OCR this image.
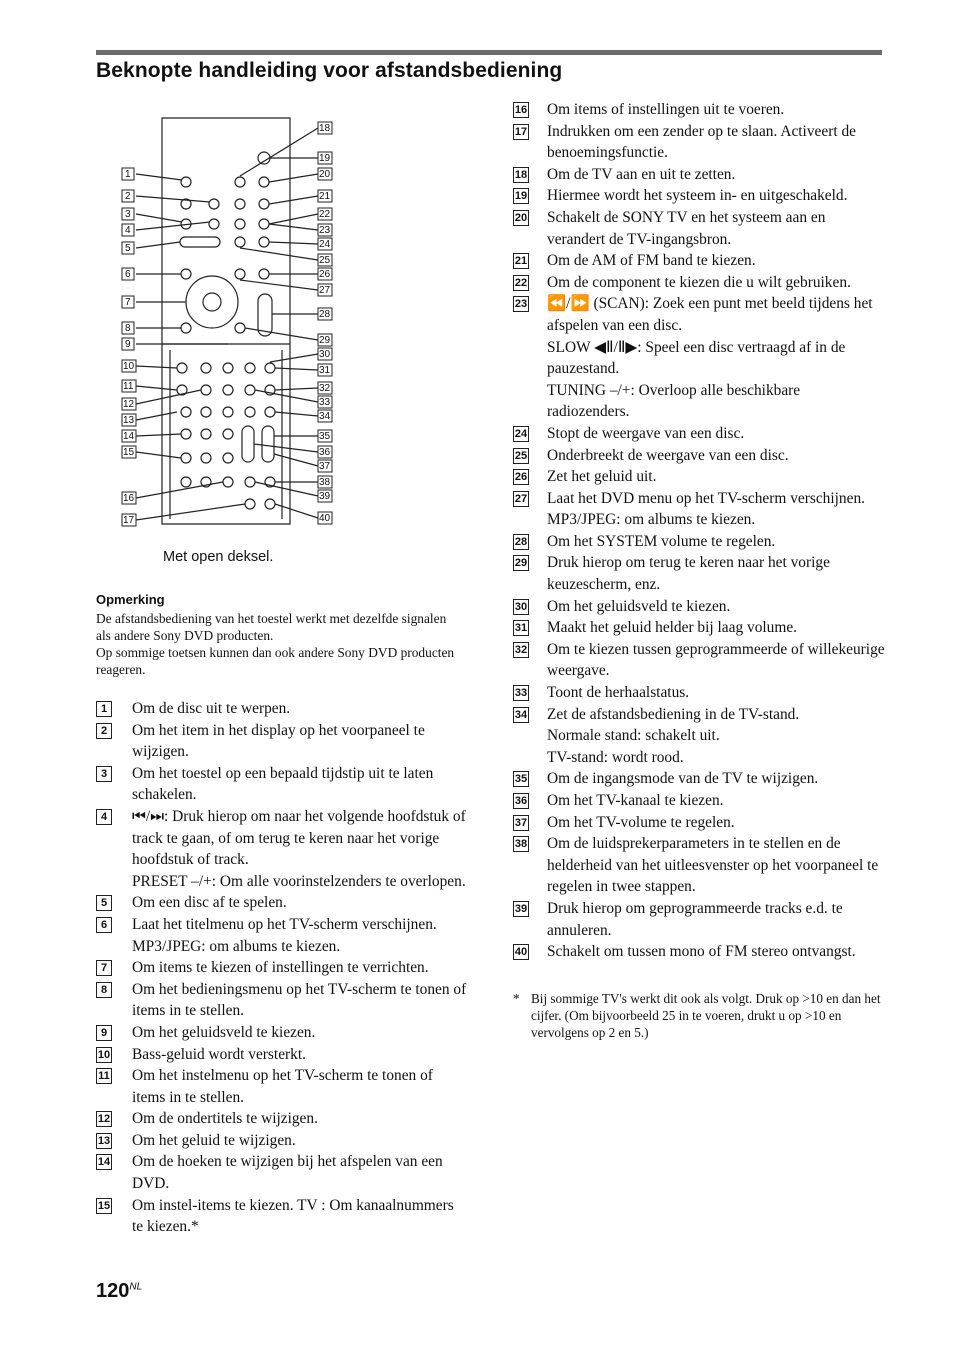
Beknopte handleiding voor afstandsbediening
1
2
3
4
5
6
7
8
9
10
11
12
13
14
15
16
17
18
19
20
21
22
23
24
25
26
27
28
29
30
31
32
33
34
35
36
37
38
39
40
Met open deksel.
Opmerking

De afstandsbediening van het toestel werkt met dezelfde signalen als andere Sony DVD producten.

Op sommige toetsen kunnen dan ook andere Sony DVD producten reageren.

1	Om de disc uit te werpen.
2	Om het item in het display op het voorpaneel te wijzigen.
3	Om het toestel op een bepaald tijdstip uit te laten schakelen.
4	⏮/⏭: Druk hierop om naar het volgende hoofdstuk of track te gaan, of om terug te keren naar het vorige hoofdstuk of track.
PRESET –/+: Om alle voorinstelzenders te overlopen.
5	Om een disc af te spelen.
6	Laat het titelmenu op het TV-scherm verschijnen.
MP3/JPEG: om albums te kiezen.
7	Om items te kiezen of instellingen te verrichten.
8	Om het bedieningsmenu op het TV-scherm te tonen of items in te stellen.
9	Om het geluidsveld te kiezen.
10 Bass-geluid wordt versterkt.
11 Om het instelmenu op het TV-scherm te tonen of items in te stellen.
12 Om de ondertitels te wijzigen.
13 Om het geluid te wijzigen.
14 Om de hoeken te wijzigen bij het afspelen van een DVD.
15 Om instel-items te kiezen. TV : Om kanaalnummers te kiezen.*
16 Om items of instellingen uit te voeren.
17 Indrukken om een zender op te slaan. Activeert de benoemingsfunctie.
18 Om de TV aan en uit te zetten.
19 Hiermee wordt het systeem in- en uitgeschakeld.
20 Schakelt de SONY TV en het systeem aan en verandert de TV-ingangsbron.
21 Om de AM of FM band te kiezen.
22 Om de component te kiezen die u wilt gebruiken.
23 ⏪/⏩ (SCAN): Zoek een punt met beeld tijdens het afspelen van een disc.
SLOW ◀Ⅱ/Ⅱ▶: Speel een disc vertraagd af in de pauzestand.
TUNING –/+: Overloop alle beschikbare radiozenders.
24 Stopt de weergave van een disc.
25 Onderbreekt de weergave van een disc.
26 Zet het geluid uit.
27 Laat het DVD menu op het TV-scherm verschijnen.
MP3/JPEG: om albums te kiezen.
28 Om het SYSTEM volume te regelen.
29 Druk hierop om terug te keren naar het vorige keuzescherm, enz.
30 Om het geluidsveld te kiezen.
31 Maakt het geluid helder bij laag volume.
32 Om te kiezen tussen geprogrammeerde of willekeurige weergave.
33 Toont de herhaalstatus.
34 Zet de afstandsbediening in de TV-stand.
Normale stand: schakelt uit.
TV-stand: wordt rood.
35 Om de ingangsmode van de TV te wijzigen.
36 Om het TV-kanaal te kiezen.
37 Om het TV-volume te regelen.
38 Om de luidsprekerparameters in te stellen en de helderheid van het uitleesvenster op het voorpaneel te regelen in twee stappen.
39 Druk hierop om geprogrammeerde tracks e.d. te annuleren.
40 Schakelt om tussen mono of FM stereo ontvangst.
* Bij sommige TV's werkt dit ook als volgt. Druk op >10 en dan het cijfer. (Om bijvoorbeeld 25 in te voeren, drukt u op >10 en vervolgens op 2 en 5.)
$120^{NL}$
